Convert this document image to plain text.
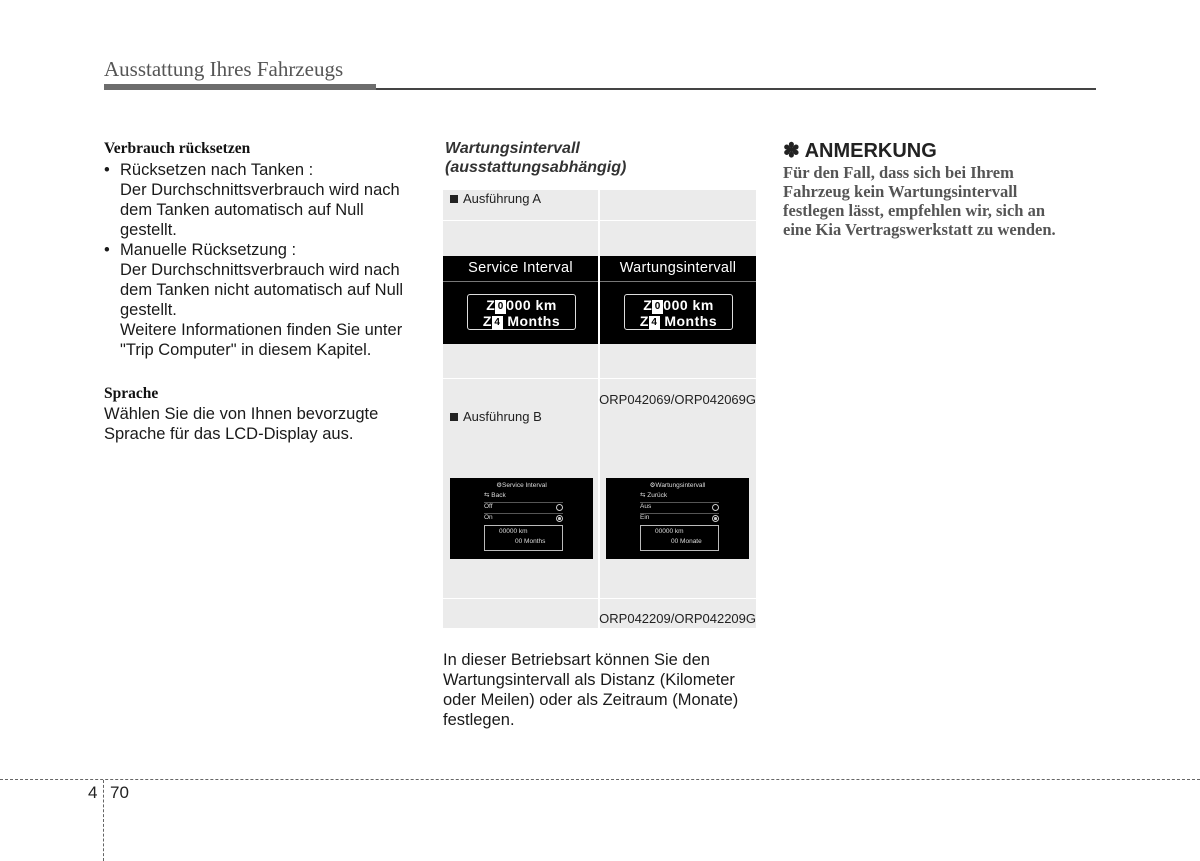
Ausstattung Ihres Fahrzeugs
Verbrauch rücksetzen
• Rücksetzen nach Tanken :
Der Durchschnittsverbrauch wird nach
dem Tanken automatisch auf Null
gestellt.
• Manuelle Rücksetzung :
Der Durchschnittsverbrauch wird nach
dem Tanken nicht automatisch auf Null
gestellt.
Weitere Informationen finden Sie unter
"Trip Computer" in diesem Kapitel.
Sprache
Wählen Sie die von Ihnen bevorzugte
Sprache für das LCD-Display aus.
Wartungsintervall
(ausstattungsabhängig)
Ausführung A
Service Interval
Z 0 000 km
Z 4 Months
Wartungsintervall
Z 0 000 km
Z 4 Months
ORP042069/ORP042069G
Ausführung B
⚙Service Interval
⇆ Back
Off
On
00000 km
00 Months
⚙Wartungsintervall
⇆ Zurück
Aus
Ein
00000 km
00 Monate
ORP042209/ORP042209G
In dieser Betriebsart können Sie den
Wartungsintervall als Distanz (Kilometer
oder Meilen) oder als Zeitraum (Monate)
festlegen.
✽ ANMERKUNG
Für den Fall, dass sich bei Ihrem
Fahrzeug kein Wartungsintervall
festlegen lässt, empfehlen wir, sich an
eine Kia Vertragswerkstatt zu wenden.
4 70
